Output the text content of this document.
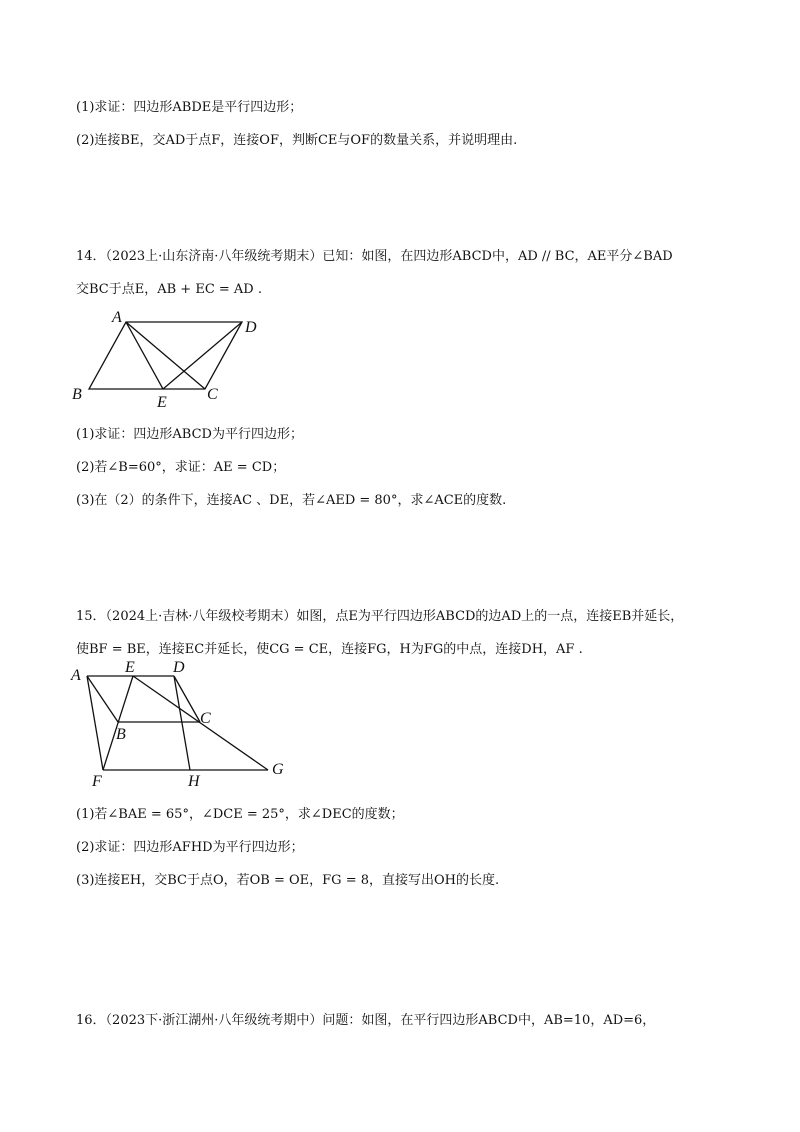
(1)求证：四边形ABDE是平行四边形；
(2)连接BE，交AD于点F，连接OF，判断CE与OF的数量关系，并说明理由.
14．（2023上·山东济南·八年级统考期末）已知：如图，在四边形ABCD中，AD // BC，AE平分∠BAD
交BC于点E，AB + EC = AD .
A
D
B	E	C
(1)求证：四边形ABCD为平行四边形；
(2)若∠B=60°，求证：AE = CD；
(3)在（2）的条件下，连接AC 、DE，若∠AED = 80°，求∠ACE的度数.
15．（2024上·吉林·八年级校考期末）如图，点E为平行四边形ABCD的边AD上的一点，连接EB并延长，
使BF = BE，连接EC并延长，使CG = CE，连接FG，H为FG的中点，连接DH，AF .
A	E D
B
C
F	H
G
(1)若∠BAE = 65°，∠DCE = 25°，求∠DEC的度数；
(2)求证：四边形AFHD为平行四边形；
(3)连接EH，交BC于点O，若OB = OE，FG = 8，直接写出OH的长度.
16．（2023下·浙江湖州·八年级统考期中）问题：如图，在平行四边形ABCD中，AB=10，AD=6，
